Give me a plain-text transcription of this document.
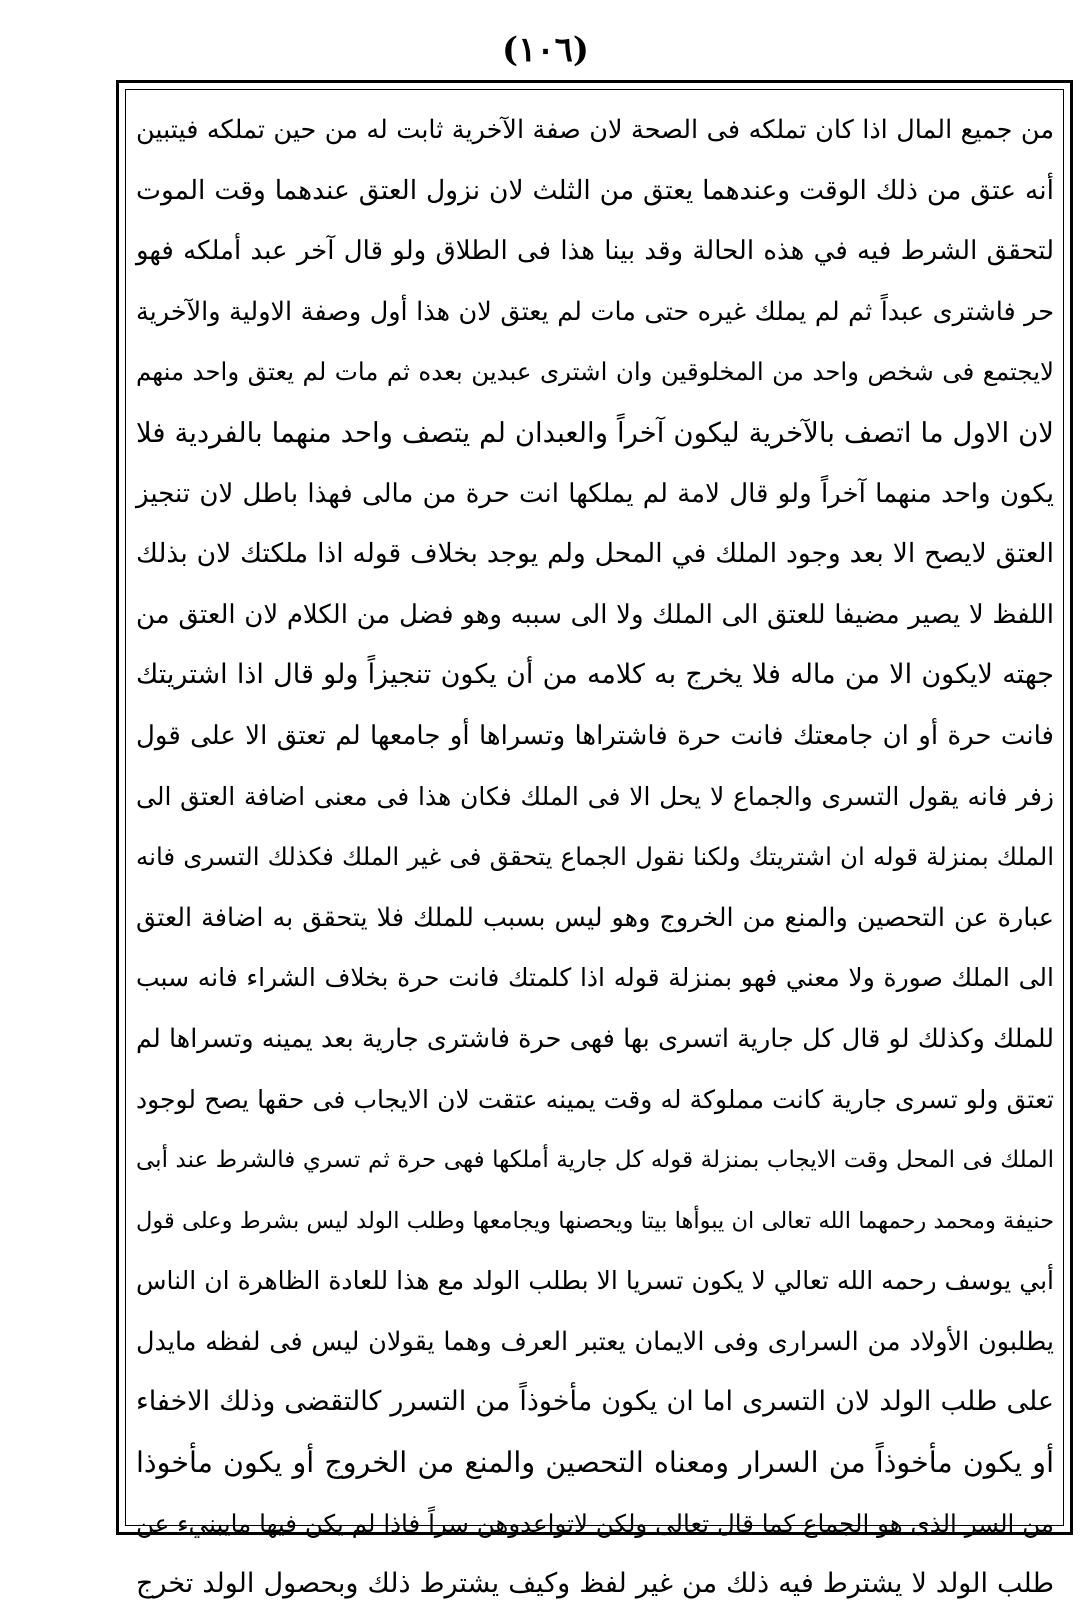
(١٠٦)
من جميع المال اذا كان تملكه فى الصحة لان صفة الآخرية ثابت له من حين تملكه فيتبين
أنه عتق من ذلك الوقت وعندهما يعتق من الثلث لان نزول العتق عندهما وقت الموت
لتحقق الشرط فيه في هذه الحالة وقد بينا هذا فى الطلاق ولو قال آخر عبد أملكه فهو
حر فاشترى عبداً ثم لم يملك غيره حتى مات لم يعتق لان هذا أول وصفة الاولية والآخرية
لايجتمع فى شخص واحد من المخلوقين وان اشترى عبدين بعده ثم مات لم يعتق واحد منهم
لان الاول ما اتصف بالآخرية ليكون آخراً والعبدان لم يتصف واحد منهما بالفردية فلا
يكون واحد منهما آخراً ولو قال لامة لم يملكها انت حرة من مالى فهذا باطل لان تنجيز
العتق لايصح الا بعد وجود الملك في المحل ولم يوجد بخلاف قوله اذا ملكتك لان بذلك
اللفظ لا يصير مضيفا للعتق الى الملك ولا الى سببه وهو فضل من الكلام لان العتق من
جهته لايكون الا من ماله فلا يخرج به كلامه من أن يكون تنجيزاً ولو قال اذا اشتريتك
فانت حرة أو ان جامعتك فانت حرة فاشتراها وتسراها أو جامعها لم تعتق الا على قول
زفر فانه يقول التسرى والجماع لا يحل الا فى الملك فكان هذا فى معنى اضافة العتق الى
الملك بمنزلة قوله ان اشتريتك ولكنا نقول الجماع يتحقق فى غير الملك فكذلك التسرى فانه
عبارة عن التحصين والمنع من الخروج وهو ليس بسبب للملك فلا يتحقق به اضافة العتق
الى الملك صورة ولا معني فهو بمنزلة قوله اذا كلمتك فانت حرة بخلاف الشراء فانه سبب
للملك وكذلك لو قال كل جارية اتسرى بها فهى حرة فاشترى جارية بعد يمينه وتسراها لم
تعتق ولو تسرى جارية كانت مملوكة له وقت يمينه عتقت لان الايجاب فى حقها يصح لوجود
الملك فى المحل وقت الايجاب بمنزلة قوله كل جارية أملكها فهى حرة ثم تسري فالشرط عند أبى
حنيفة ومحمد رحمهما الله تعالى ان يبوأها بيتا ويحصنها ويجامعها وطلب الولد ليس بشرط وعلى قول
أبي يوسف رحمه الله تعالي لا يكون تسريا الا بطلب الولد مع هذا للعادة الظاهرة ان الناس
يطلبون الأولاد من السرارى وفى الايمان يعتبر العرف وهما يقولان ليس فى لفظه مايدل
على طلب الولد لان التسرى اما ان يكون مأخوذاً من التسرر كالتقضى وذلك الاخفاء
أو يكون مأخوذاً من السرار ومعناه التحصين والمنع من الخروج أو يكون مأخوذا
من السر الذى هو الجماع كما قال تعالى ولكن لاتواعدوهن سراً فاذا لم يكن فيها مايبنيء عن
طلب الولد لا يشترط فيه ذلك من غير لفظ وكيف يشترط ذلك وبحصول الولد تخرج
